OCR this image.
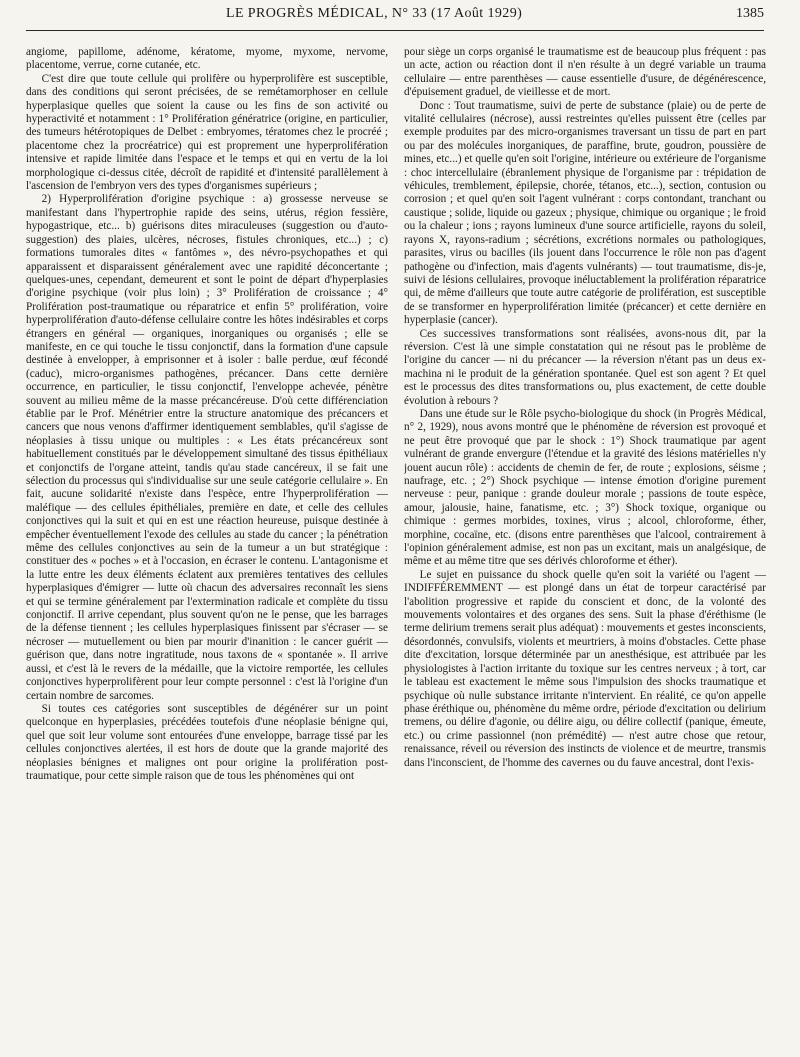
LE PROGRÈS MÉDICAL, N° 33 (17 Août 1929)	1385

angiome, papillome, adénome, kératome, myome, myxome, nervome, placentome, verrue, corne cutanée, etc.

C'est dire que toute cellule qui prolifère ou hyperprolifère est susceptible, dans des conditions qui seront précisées, de se remétamorphoser en cellule hyperplasique quelles que soient la cause ou les fins de son activité ou hyperactivité et notamment : 1° Prolifération génératrice (origine, en particulier, des tumeurs hétérotopiques de Delbet : embryomes, tératomes chez le procréé ; placentome chez la procréatrice) qui est proprement une hyperprolifération intensive et rapide limitée dans l'espace et le temps et qui en vertu de la loi morphologique ci-dessus citée, décroît de rapidité et d'intensité parallèlement à l'ascension de l'embryon vers des types d'organismes supérieurs ;

2) Hyperprolifération d'origine psychique : a) grossesse nerveuse se manifestant dans l'hypertrophie rapide des seins, utérus, région fessière, hypogastrique, etc... b) guérisons dites miraculeuses (suggestion ou d'auto-suggestion) des plaies, ulcères, nécroses, fistules chroniques, etc...) ; c) formations tumorales dites « fantômes », des névro-psychopathes et qui apparaissent et disparaissent généralement avec une rapidité déconcertante ; quelques-unes, cependant, demeurent et sont le point de départ d'hyperplasies d'origine psychique (voir plus loin) ; 3° Prolifération de croissance ; 4° Prolifération post-traumatique ou réparatrice et enfin 5° prolifération, voire hyperprolifération d'auto-défense cellulaire contre les hôtes indésirables et corps étrangers en général — organiques, inorganiques ou organisés ; elle se manifeste, en ce qui touche le tissu conjonctif, dans la formation d'une capsule destinée à envelopper, à emprisonner et à isoler : balle perdue, œuf fécondé (caduc), micro-organismes pathogènes, précancer. Dans cette dernière occurrence, en particulier, le tissu conjonctif, l'enveloppe achevée, pénètre souvent au milieu même de la masse précancéreuse. D'où cette différenciation établie par le Prof. Ménétrier entre la structure anatomique des précancers et cancers que nous venons d'affirmer identiquement semblables, qu'il s'agisse de néoplasies à tissu unique ou multiples : « Les états précancéreux sont habituellement constitués par le développement simultané des tissus épithéliaux et conjonctifs de l'organe atteint, tandis qu'au stade cancéreux, il se fait une sélection du processus qui s'individualise sur une seule catégorie cellulaire ». En fait, aucune solidarité n'existe dans l'espèce, entre l'hyperprolifération — maléfique — des cellules épithéliales, première en date, et celle des cellules conjonctives qui la suit et qui en est une réaction heureuse, puisque destinée à empêcher éventuellement l'exode des cellules au stade du cancer ; la pénétration même des cellules conjonctives au sein de la tumeur a un but stratégique : constituer des « poches » et à l'occasion, en écraser le contenu. L'antagonisme et la lutte entre les deux éléments éclatent aux premières tentatives des cellules hyperplasiques d'émigrer — lutte où chacun des adversaires reconnaît les siens et qui se termine généralement par l'extermination radicale et complète du tissu conjonctif. Il arrive cependant, plus souvent qu'on ne le pense, que les barrages de la défense tiennent ; les cellules hyperplasiques finissent par s'écraser — se nécroser — mutuellement ou bien par mourir d'inanition : le cancer guérit — guérison que, dans notre ingratitude, nous taxons de « spontanée ». Il arrive aussi, et c'est là le revers de la médaille, que la victoire remportée, les cellules conjonctives hyperprolifèrent pour leur compte personnel : c'est là l'origine d'un certain nombre de sarcomes.

Si toutes ces catégories sont susceptibles de dégénérer sur un point quelconque en hyperplasies, précédées toutefois d'une néoplasie bénigne qui, quel que soit leur volume sont entourées d'une enveloppe, barrage tissé par les cellules conjonctives alertées, il est hors de doute que la grande majorité des néoplasies bénignes et malignes ont pour origine la prolifération post-traumatique, pour cette simple raison que de tous les phénomènes qui ont

pour siège un corps organisé le traumatisme est de beaucoup plus fréquent : pas un acte, action ou réaction dont il n'en résulte à un degré variable un trauma cellulaire — entre parenthèses — cause essentielle d'usure, de dégénérescence, d'épuisement graduel, de vieillesse et de mort.

Donc : Tout traumatisme, suivi de perte de substance (plaie) ou de perte de vitalité cellulaires (nécrose), aussi restreintes qu'elles puissent être (celles par exemple produites par des micro-organismes traversant un tissu de part en part ou par des molécules inorganiques, de paraffine, brute, goudron, poussière de mines, etc...) et quelle qu'en soit l'origine, intérieure ou extérieure de l'organisme : choc intercellulaire (ébranlement physique de l'organisme par : trépidation de véhicules, tremblement, épilepsie, chorée, tétanos, etc...), section, contusion ou corrosion ; et quel qu'en soit l'agent vulnérant : corps contondant, tranchant ou caustique ; solide, liquide ou gazeux ; physique, chimique ou organique ; le froid ou la chaleur ; ions ; rayons lumineux d'une source artificielle, rayons du soleil, rayons X, rayons-radium ; sécrétions, excrétions normales ou pathologiques, parasites, virus ou bacilles (ils jouent dans l'occurrence le rôle non pas d'agent pathogène ou d'infection, mais d'agents vulnérants) — tout traumatisme, dis-je, suivi de lésions cellulaires, provoque inéluctablement la prolifération réparatrice qui, de même d'ailleurs que toute autre catégorie de prolifération, est susceptible de se transformer en hyperprolifération limitée (précancer) et cette dernière en hyperplasie (cancer).

Ces successives transformations sont réalisées, avons-nous dit, par la réversion. C'est là une simple constatation qui ne résout pas le problème de l'origine du cancer — ni du précancer — la réversion n'étant pas un deus ex-machina ni le produit de la génération spontanée. Quel est son agent ? Et quel est le processus des dites transformations ou, plus exactement, de cette double évolution à rebours ?

Dans une étude sur le Rôle psycho-biologique du shock (in Progrès Médical, n° 2, 1929), nous avons montré que le phénomène de réversion est provoqué et ne peut être provoqué que par le shock : 1°) Shock traumatique par agent vulnérant de grande envergure (l'étendue et la gravité des lésions matérielles n'y jouent aucun rôle) : accidents de chemin de fer, de route ; explosions, séisme ; naufrage, etc. ; 2°) Shock psychique — intense émotion d'origine purement nerveuse : peur, panique : grande douleur morale ; passions de toute espèce, amour, jalousie, haine, fanatisme, etc. ; 3°) Shock toxique, organique ou chimique : germes morbides, toxines, virus ; alcool, chloroforme, éther, morphine, cocaïne, etc. (disons entre parenthèses que l'alcool, contrairement à l'opinion généralement admise, est non pas un excitant, mais un analgésique, de même et au même titre que ses dérivés chloroforme et éther).

Le sujet en puissance du shock quelle qu'en soit la variété ou l'agent — INDIFFÉREMMENT — est plongé dans un état de torpeur caractérisé par l'abolition progressive et rapide du conscient et donc, de la volonté des mouvements volontaires et des organes des sens. Suit la phase d'éréthisme (le terme delirium tremens serait plus adéquat) : mouvements et gestes inconscients, désordonnés, convulsifs, violents et meurtriers, à moins d'obstacles. Cette phase dite d'excitation, lorsque déterminée par un anesthésique, est attribuée par les physiologistes à l'action irritante du toxique sur les centres nerveux ; à tort, car le tableau est exactement le même sous l'impulsion des shocks traumatique et psychique où nulle substance irritante n'intervient. En réalité, ce qu'on appelle phase éréthique ou, phénomène du même ordre, période d'excitation ou delirium tremens, ou délire d'agonie, ou délire aigu, ou délire collectif (panique, émeute, etc.) ou crime passionnel (non prémédité) — n'est autre chose que retour, renaissance, réveil ou réversion des instincts de violence et de meurtre, transmis dans l'inconscient, de l'homme des cavernes ou du fauve ancestral, dont l'exis-
